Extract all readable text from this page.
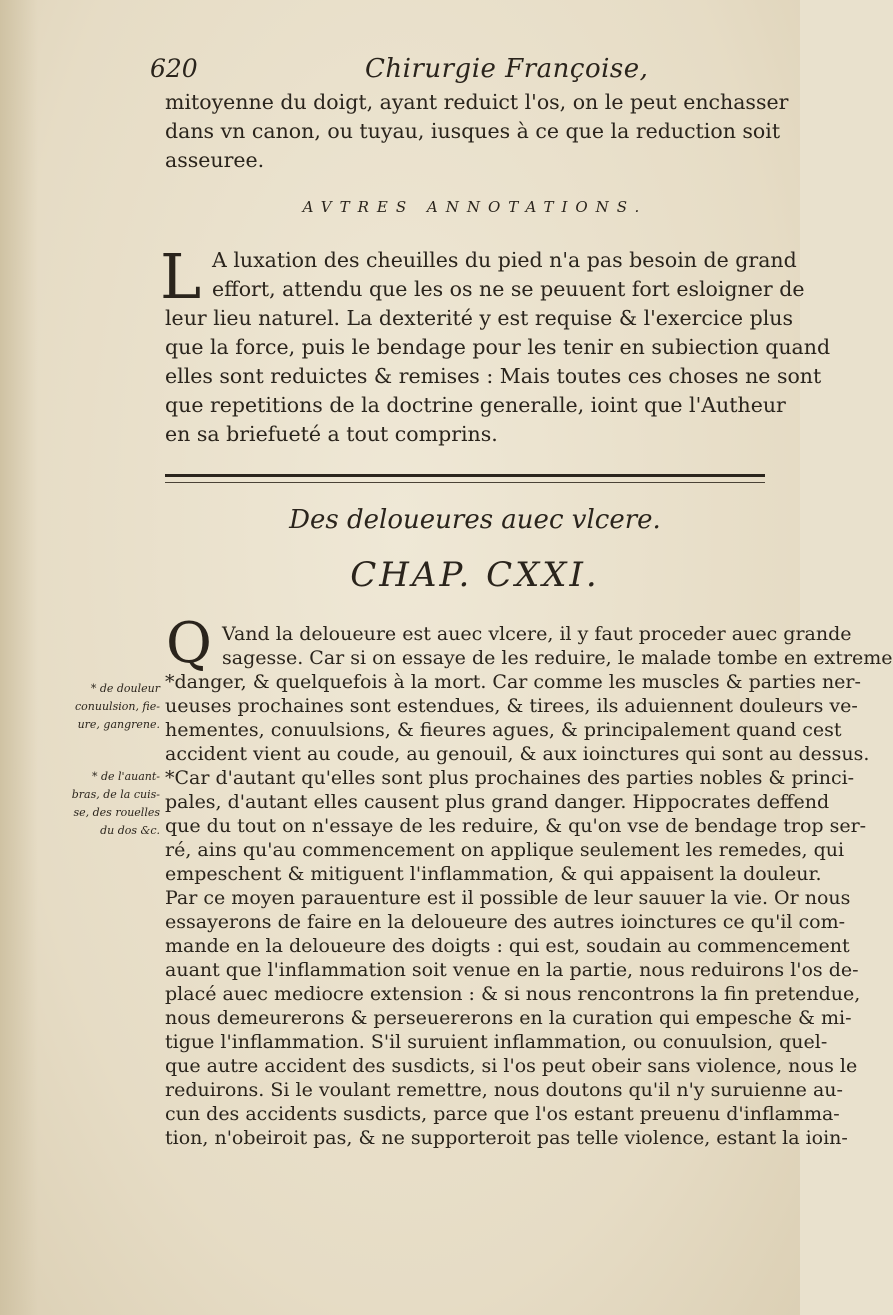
620	Chirurgie Françoise,
mitoyenne du doigt, ayant reduict l'os, on le peut enchasser
dans vn canon, ou tuyau, iusques à ce que la reduction soit
asseuree.
AVTRES ANNOTATIONS.
L A luxation des cheuilles du pied n'a pas besoin de grand
effort, attendu que les os ne se peuuent fort esloigner de
leur lieu naturel. La dexterité y est requise & l'exercice plus
que la force, puis le bendage pour les tenir en subiection quand
elles sont reduictes & remises : Mais toutes ces choses ne sont
que repetitions de la doctrine generalle, ioint que l'Autheur
en sa briefueté a tout comprins.
Des deloueures auec vlcere.
CHAP. CXXI.
Q Vand la deloueure est auec vlcere, il y faut proceder auec grande
sagesse. Car si on essaye de les reduire, le malade tombe en extreme
*danger, & quelquefois à la mort. Car comme les muscles & parties ner-
ueuses prochaines sont estendues, & tirees, ils aduiennent douleurs ve-
hementes, conuulsions, & fieures agues, & principalement quand cest
accident vient au coude, au genouil, & aux ioinctures qui sont au dessus.
*Car d'autant qu'elles sont plus prochaines des parties nobles & princi-
pales, d'autant elles causent plus grand danger. Hippocrates deffend
que du tout on n'essaye de les reduire, & qu'on vse de bendage trop ser-
ré, ains qu'au commencement on applique seulement les remedes, qui
empeschent & mitiguent l'inflammation, & qui appaisent la douleur.
Par ce moyen parauenture est il possible de leur sauuer la vie. Or nous
essayerons de faire en la deloueure des autres ioinctures ce qu'il com-
mande en la deloueure des doigts : qui est, soudain au commencement
auant que l'inflammation soit venue en la partie, nous reduirons l'os de-
placé auec mediocre extension : & si nous rencontrons la fin pretendue,
nous demeurerons & perseuererons en la curation qui empesche & mi-
tigue l'inflammation. S'il suruient inflammation, ou conuulsion, quel-
que autre accident des susdicts, si l'os peut obeir sans violence, nous le
reduirons. Si le voulant remettre, nous doutons qu'il n'y suruienne au-
cun des accidents susdicts, parce que l'os estant preuenu d'inflamma-
tion, n'obeiroit pas, & ne supporteroit pas telle violence, estant la ioin-
* de douleur
conuulsion, fie-
ure, gangrene.
* de l'auant-
bras, de la cuis-
se, des rouelles
du dos &c.
